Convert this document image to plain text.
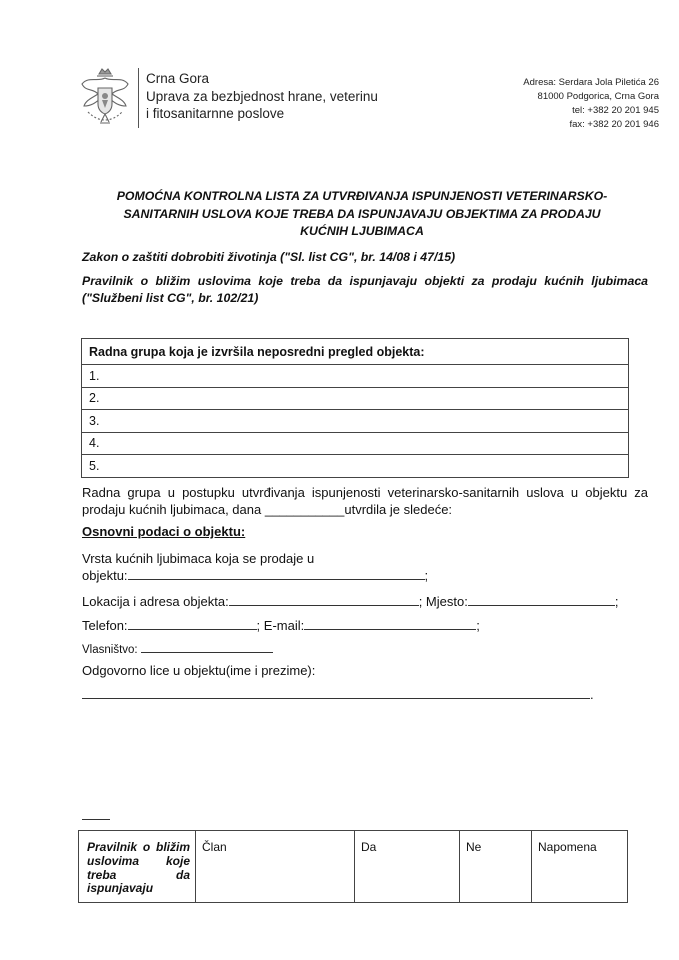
Crna Gora
Uprava za bezbjednost hrane, veterinu
i fitosanitarnne poslove
Adresa: Serdara Jola Piletića 26
81000 Podgorica, Crna Gora
tel: +382 20 201 945
fax: +382 20 201 946
POMOĆNA KONTROLNA LISTA ZA UTVRĐIVANJA ISPUNJENOSTI VETERINARSKO-
SANITARNIH USLOVA KOJE TREBA DA ISPUNJAVAJU OBJEKTIMA ZA PRODAJU
KUĆNIH LJUBIMACA
Zakon o zaštiti dobrobiti životinja ("Sl. list CG", br. 14/08 i 47/15)
Pravilnik o bližim uslovima koje treba da ispunjavaju objekti za prodaju kućnih ljubimaca ("Službeni list CG", br. 102/21)
Radna grupa koja je izvršila neposredni pregled objekta:
1.
2.
3.
4.
5.
Radna grupa u postupku utvrđivanja ispunjenosti veterinarsko-sanitarnih uslova u objektu za prodaju kućnih ljubimaca, dana ___________utvrdila je sledeće:
Osnovni podaci o objektu:
Vrsta kućnih ljubimaca koja se prodaje u
objektu:	;
Lokacija i adresa objekta:	; Mjesto:	;
Telefon:	; E-mail:	;
Vlasništvo:
Odgovorno lice u objektu(ime i prezime):
.
Pravilnik o bližim uslovima koje treba da ispunjavaju	Član	Da	Ne	Napomena
